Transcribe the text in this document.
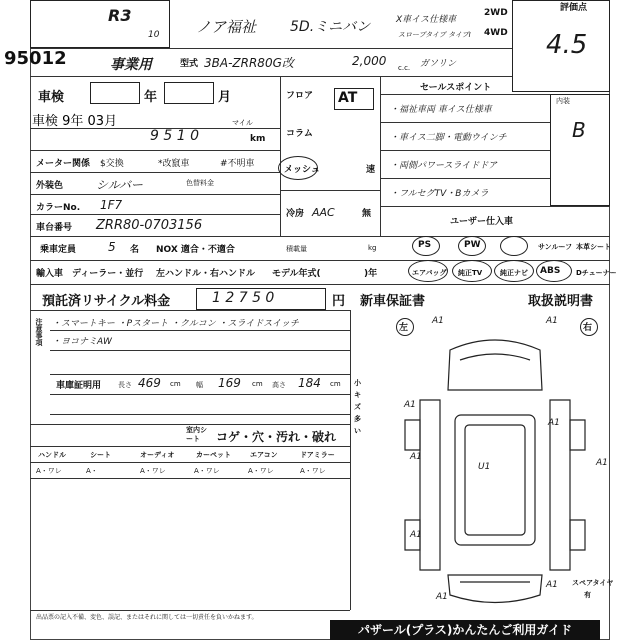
R3
10 ノア福祉 5D.ミニバン	X車イス仕様車
スロープタイプ タイプⅠ
2WD
4WD
評価点
4.5
95012	事業用	型式 3BA-ZRR80G改	2,000 c.c. ガソリン
車検	年	月
車検 9年 03月
9 5 1 0
マイル
km
メーター関係 $交換	*改竄車	#不明車
外装色	シルバー	色替料金
カラーNo. 1F7
車台番号 ZRR80-0703156
フロア
コラム
AT
メッシュ	速
冷房 AAC	無
セールスポイント
・福祉車両 車イス仕様車
・車イス二脚・電動ウインチ
・両側パワースライドドア
・フルセグTV・Bカメラ
ユーザー仕入車
内装
B
乗車定員	5 名 NOX 適合・不適合	積載量	kg	PS	PW	サンルーフ 本革シート
輸入車 ディーラー・並行 左ハンドル・右ハンドル モデル年式(	)年	エアバッグ 純正TV	純正ナビ ABS Dチューナー
預託済リサイクル料金	1 2 7 5 0	円 新車保証書	取扱説明書
注意事項 ・スマートキー ・Pスタート ・クルコン ・スライドスイッチ
・ヨコナミAW
車庫証明用 長さ 469 cm 幅 169 cm 高さ 184 cm
室内シート	コゲ・穴・汚れ・破れ
ハンドル	シート	オーディオ	カーペット	エアコン	ドアミラー
A・ワレ	A・	A・ワレ	A・ワレ	A・ワレ	A・ワレ
小
キ
ズ
多
い
左	右
A1	A1
A1
A1
A1
A1
U1
A1
A1
A1
スペアタイヤ
有
出品票の記入不備、変色、誤記、またはそれに関しては一切責任を負いかねます。
パザール(プラス)かんたんご利用ガイド
